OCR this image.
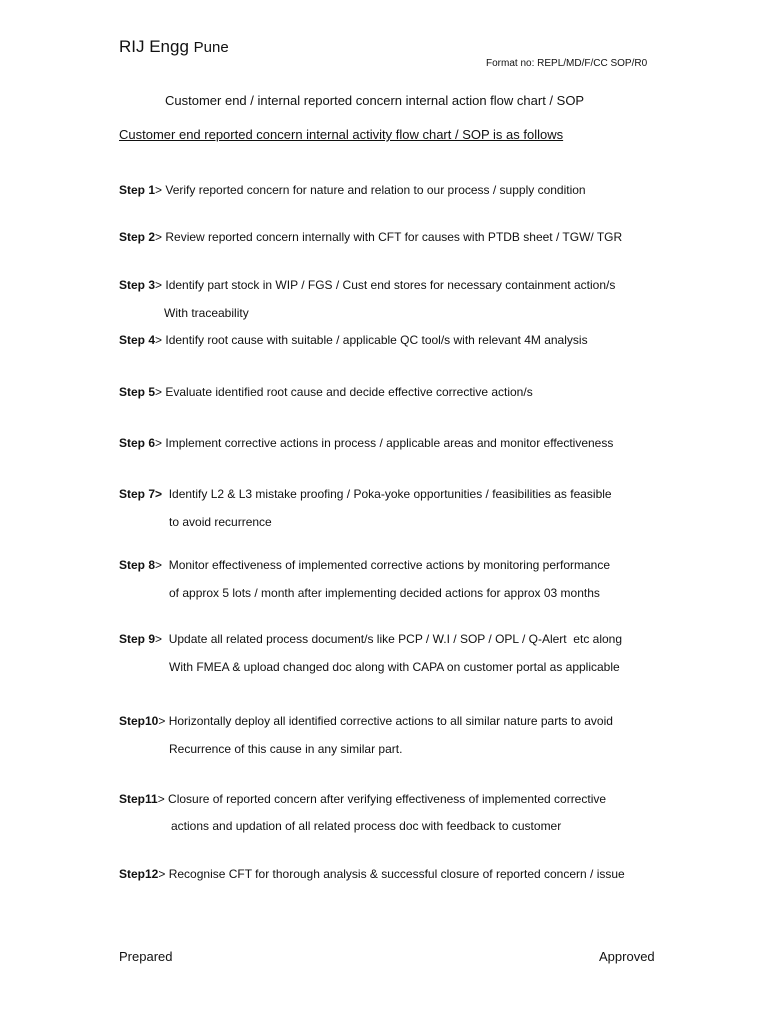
RIJ Engg Pune
Format no: REPL/MD/F/CC SOP/R0
Customer end / internal reported concern internal action flow chart / SOP
Customer end reported concern internal activity flow chart / SOP is as follows
Step 1> Verify reported concern for nature and relation to our process / supply condition
Step 2> Review reported concern internally with CFT for causes with PTDB sheet / TGW/ TGR
Step 3> Identify part stock in WIP / FGS / Cust end stores for necessary containment action/s
With traceability
Step 4> Identify root cause with suitable / applicable QC tool/s with relevant 4M analysis
Step 5> Evaluate identified root cause and decide effective corrective action/s
Step 6> Implement corrective actions in process / applicable areas and monitor effectiveness
Step 7>  Identify L2 & L3 mistake proofing / Poka-yoke opportunities / feasibilities as feasible
to avoid recurrence
Step 8>  Monitor effectiveness of implemented corrective actions by monitoring performance
of approx 5 lots / month after implementing decided actions for approx 03 months
Step 9>  Update all related process document/s like PCP / W.I / SOP / OPL / Q-Alert  etc along
With FMEA & upload changed doc along with CAPA on customer portal as applicable
Step10> Horizontally deploy all identified corrective actions to all similar nature parts to avoid
Recurrence of this cause in any similar part.
Step11> Closure of reported concern after verifying effectiveness of implemented corrective
actions and updation of all related process doc with feedback to customer
Step12> Recognise CFT for thorough analysis & successful closure of reported concern / issue
Prepared	Approved
